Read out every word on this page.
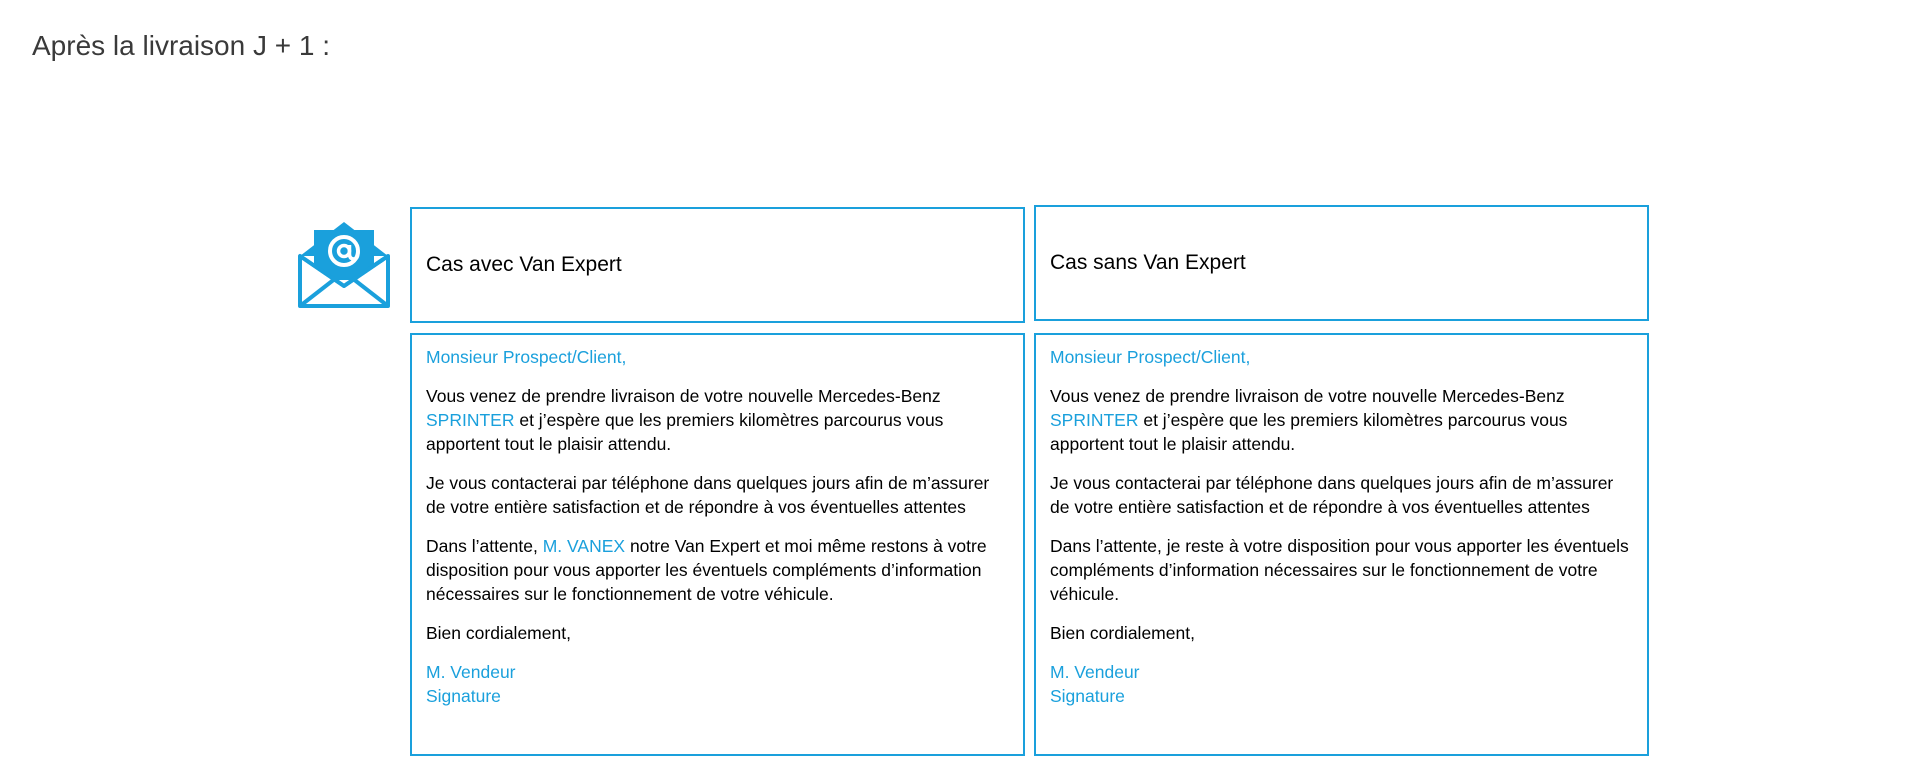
Après la livraison J + 1 :
Cas avec Van Expert

Monsieur Prospect/Client,

Vous venez de prendre livraison de votre nouvelle Mercedes-Benz SPRINTER et j’espère que les premiers kilomètres parcourus vous apportent tout le plaisir attendu.

Je vous contacterai par téléphone dans quelques jours afin de m’assurer de votre entière satisfaction et de répondre à vos éventuelles attentes

Dans l’attente, M. VANEX notre Van Expert et moi même restons à votre disposition pour vous apporter les éventuels compléments d’information nécessaires sur le fonctionnement de votre véhicule.

Bien cordialement,

M. Vendeur
Signature

Cas sans Van Expert

Monsieur Prospect/Client,

Vous venez de prendre livraison de votre nouvelle Mercedes-Benz SPRINTER et j’espère que les premiers kilomètres parcourus vous apportent tout le plaisir attendu.

Je vous contacterai par téléphone dans quelques jours afin de m’assurer de votre entière satisfaction et de répondre à vos éventuelles attentes

Dans l’attente, je reste à votre disposition pour vous apporter les éventuels compléments d’information nécessaires sur le fonctionnement de votre véhicule.

Bien cordialement,

M. Vendeur
Signature
